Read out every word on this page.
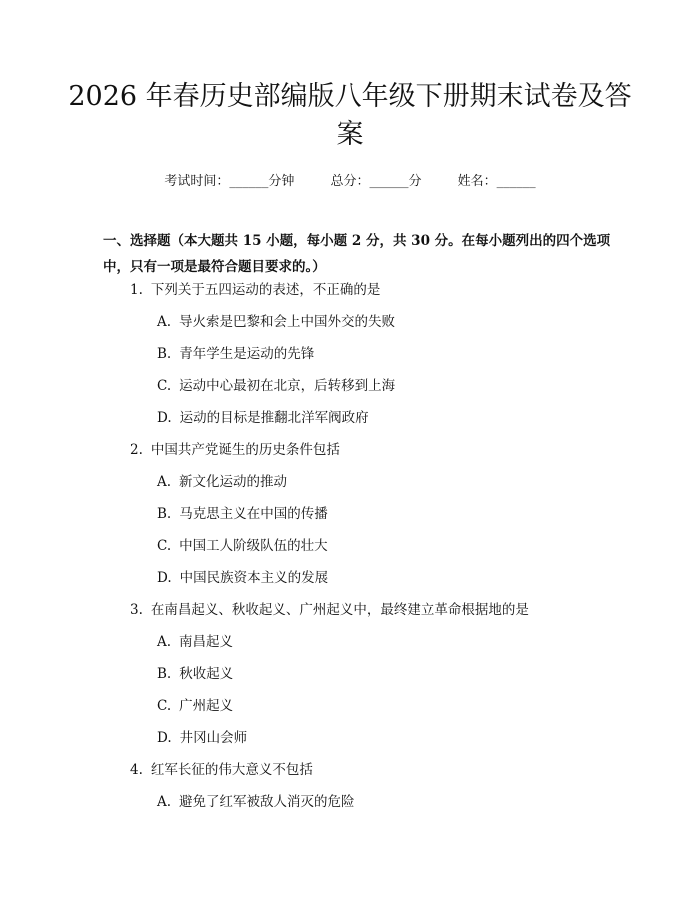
2026 年春历史部编版八年级下册期末试卷及答案
考试时间：______分钟	总分：______分	姓名：______

一、选择题（本大题共 15 小题，每小题 2 分，共 30 分。在每小题列出的四个选项中，只有一项是最符合题目要求的。）

1. 下列关于五四运动的表述，不正确的是
A. 导火索是巴黎和会上中国外交的失败
B. 青年学生是运动的先锋
C. 运动中心最初在北京，后转移到上海
D. 运动的目标是推翻北洋军阀政府
2. 中国共产党诞生的历史条件包括
A. 新文化运动的推动
B. 马克思主义在中国的传播
C. 中国工人阶级队伍的壮大
D. 中国民族资本主义的发展
3. 在南昌起义、秋收起义、广州起义中，最终建立革命根据地的是
A. 南昌起义
B. 秋收起义
C. 广州起义
D. 井冈山会师
4. 红军长征的伟大意义不包括
A. 避免了红军被敌人消灭的危险
